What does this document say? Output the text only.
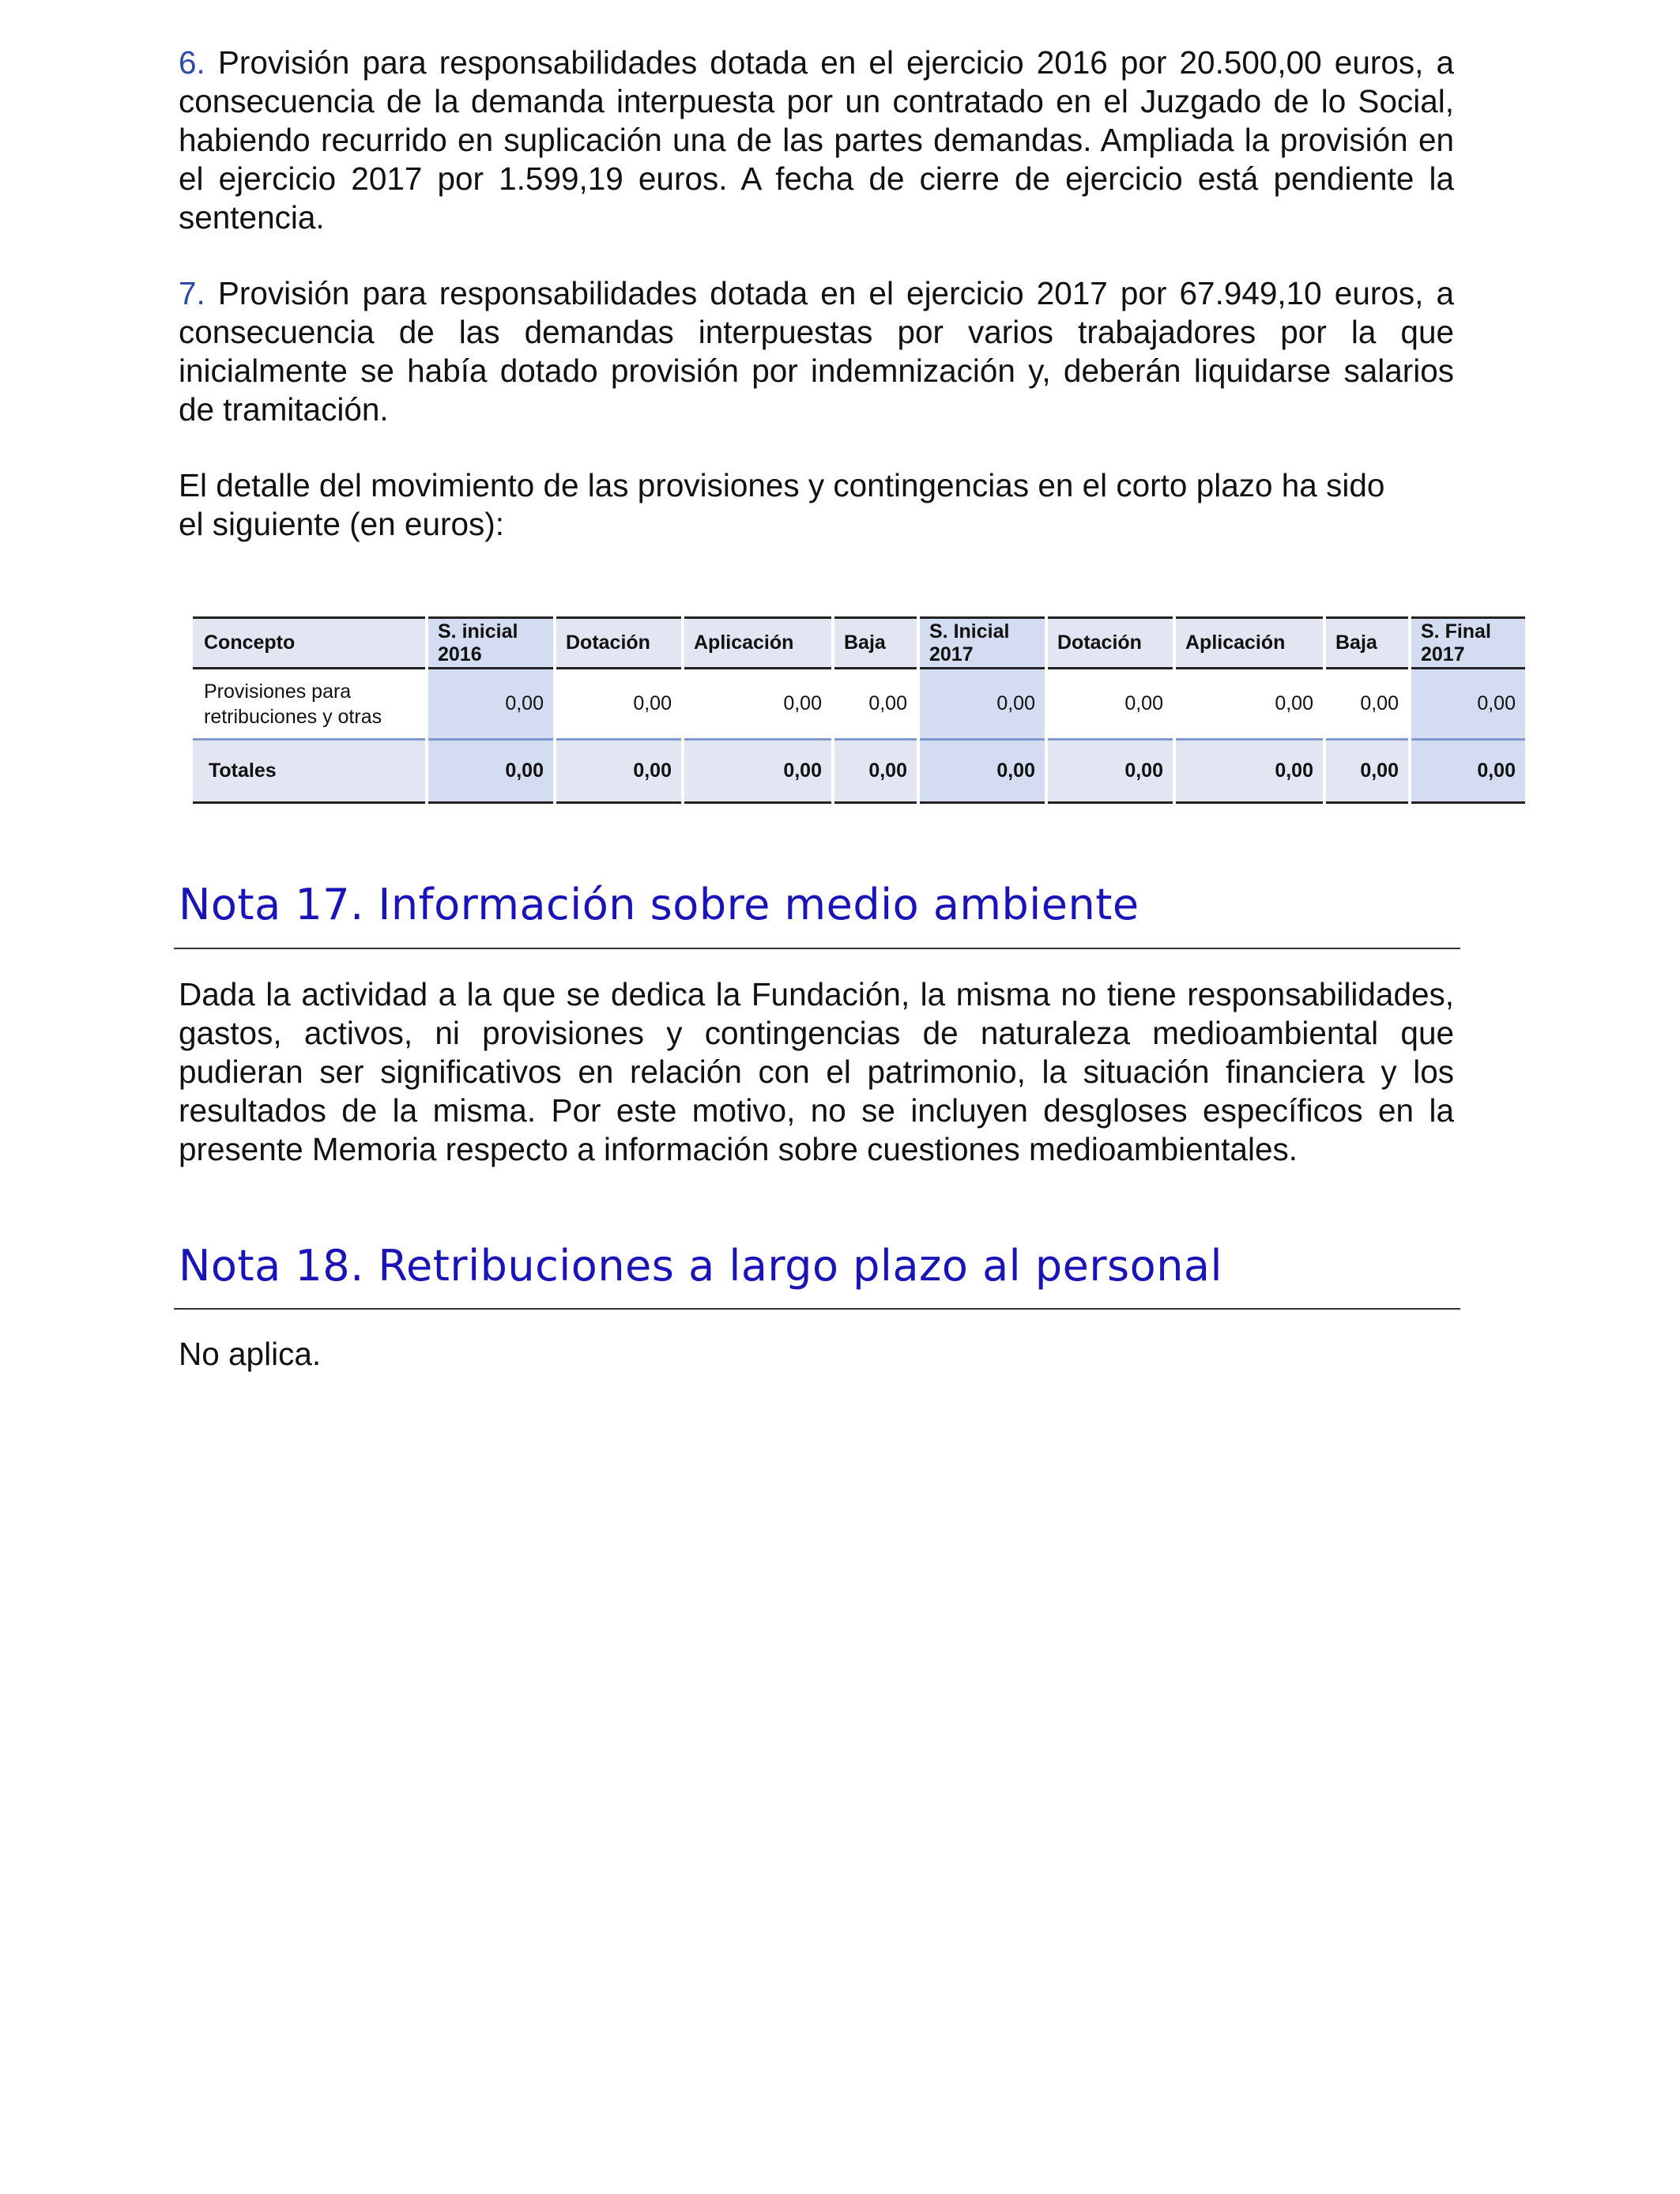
6. Provisión para responsabilidades dotada en el ejercicio 2016 por 20.500,00 euros, a consecuencia de la demanda interpuesta por un contratado en el Juzgado de lo Social, habiendo recurrido en suplicación una de las partes demandas. Ampliada la provisión en el ejercicio 2017 por 1.599,19 euros. A fecha de cierre de ejercicio está pendiente la sentencia.

7. Provisión para responsabilidades dotada en el ejercicio 2017 por 67.949,10 euros, a consecuencia de las demandas interpuestas por varios trabajadores por la que inicialmente se había dotado provisión por indemnización y, deberán liquidarse salarios de tramitación.

El detalle del movimiento de las provisiones y contingencias en el corto plazo ha sido
el siguiente (en euros):

Concepto	S. inicial 2016	Dotación	Aplicación	Baja	S. Inicial 2017	Dotación	Aplicación	Baja	S. Final 2017
Provisiones para retribuciones y otras	0,00	0,00	0,00	0,00	0,00	0,00	0,00	0,00	0,00
Totales	0,00	0,00	0,00	0,00	0,00	0,00	0,00	0,00	0,00
Nota 17. Información sobre medio ambiente

Dada la actividad a la que se dedica la Fundación, la misma no tiene responsabilidades, gastos, activos, ni provisiones y contingencias de naturaleza medioambiental que pudieran ser significativos en relación con el patrimonio, la situación financiera y los resultados de la misma. Por este motivo, no se incluyen desgloses específicos en la presente Memoria respecto a información sobre cuestiones medioambientales.

Nota 18. Retribuciones a largo plazo al personal

No aplica.
